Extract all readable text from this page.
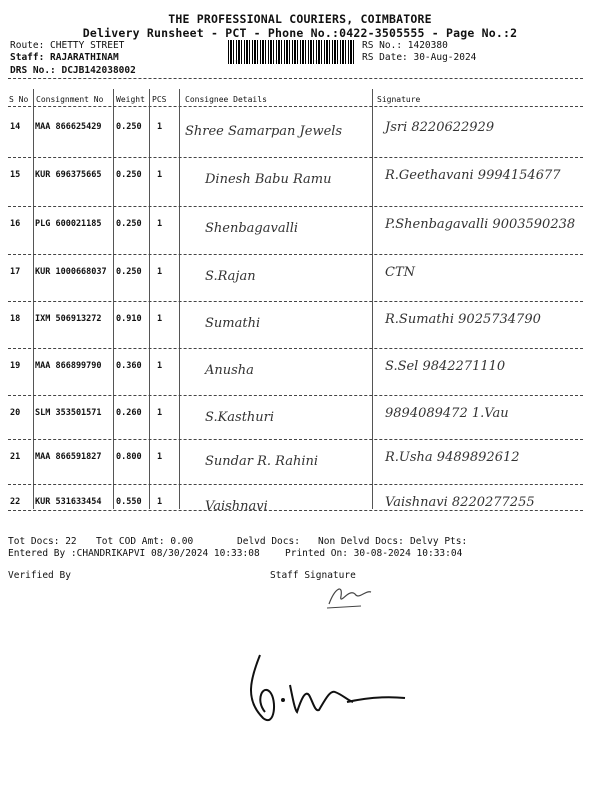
THE PROFESSIONAL COURIERS, COIMBATORE
Delivery Runsheet - PCT - Phone No.:0422-3505555 - Page No.:2
Route: CHETTY STREET
Staff: RAJARATHINAM
DRS No.: DCJB142038002
RS No.: 1420380
RS Date: 30-Aug-2024
S No Consignment No Weight PCS Consignee Details	Signature
14 MAA 866625429 0.250 1 Shree Samarpan Jewels	Jsri 8220622929
15 KUR 696375665 0.250 1	Dinesh Babu Ramu	R.Geethavani 9994154677
16 PLG 600021185 0.250 1	Shenbagavalli	P.Shenbagavalli 9003590238
17 KUR 1000668037 0.250 1	S.Rajan	CTN
18 IXM 506913272 0.910 1	Sumathi	R.Sumathi 9025734790
19 MAA 866899790 0.360 1	Anusha	S.Sel 9842271110
20 SLM 353501571 0.260 1	S.Kasthuri	9894089472 1.Vau
21 MAA 866591827 0.800 1	Sundar R. Rahini	R.Usha 9489892612
22 KUR 531633454 0.550 1	Vaishnavi	Vaishnavi 8220277255
Tot Docs: 22 Tot COD Amt: 0.00	Delvd Docs: Non Delvd Docs: Delvy Pts:
Entered By :CHANDRIKAPVI 08/30/2024 10:33:08	Printed On: 30-08-2024 10:33:04
Verified By	Staff Signature
